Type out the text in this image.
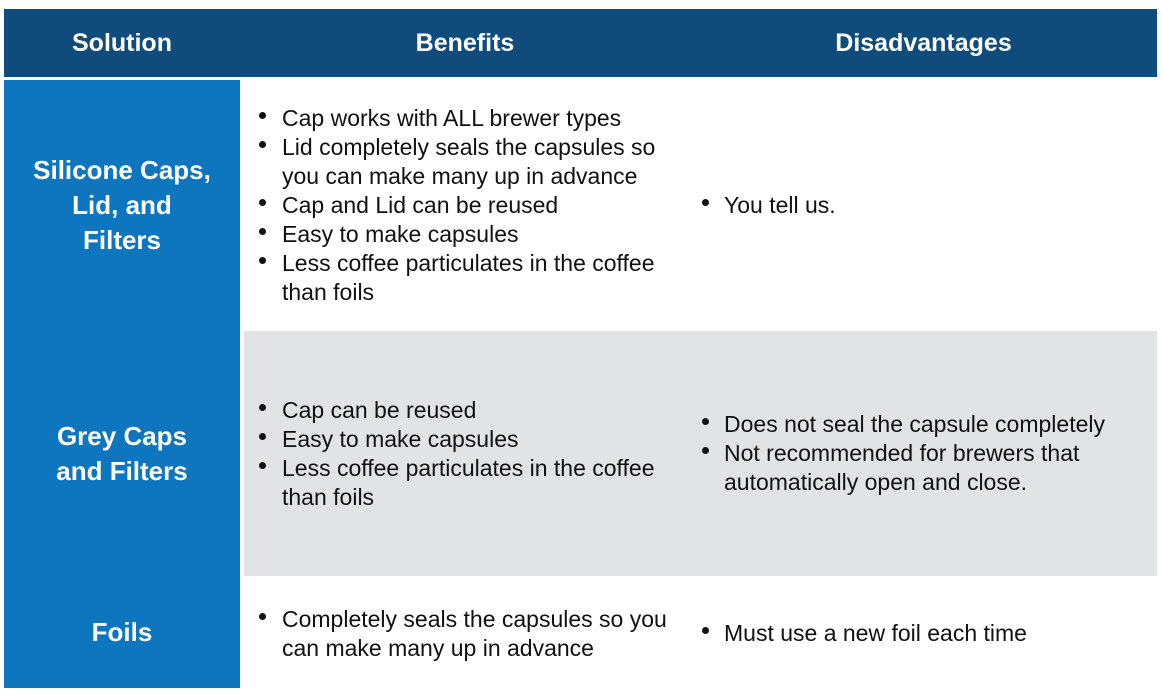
Solution	Benefits	Disadvantages
Silicone Caps, Lid, and Filters
Grey Caps and Filters
Foils
Cap works with ALL brewer types
Lid completely seals the capsules so you can make many up in advance
Cap and Lid can be reused
Easy to make capsules
Less coffee particulates in the coffee than foils
You tell us.
Cap can be reused
Easy to make capsules
Less coffee particulates in the coffee than foils
Does not seal the capsule completely
Not recommended for brewers that automatically open and close.
Completely seals the capsules so you can make many up in advance
Must use a new foil each time
